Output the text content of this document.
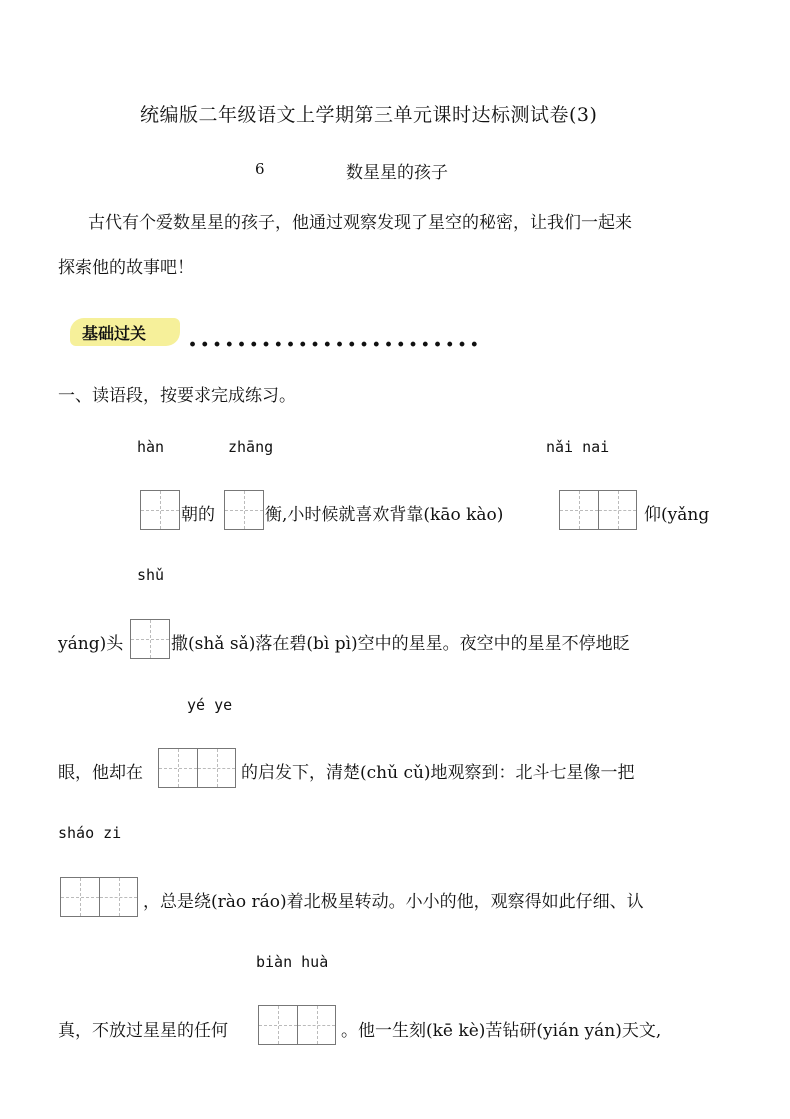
统编版二年级语文上学期第三单元课时达标测试卷(3)
6	数星星的孩子
古代有个爱数星星的孩子，他通过观察发现了星空的秘密，让我们一起来
探索他的故事吧！
基础过关 ........................
一、读语段，按要求完成练习。
hàn	zhāng	nǎi nai
朝的	衡,小时候就喜欢背靠(kāo kào)	仰(yǎng
shǔ
yáng)头	撒(shǎ sǎ)落在碧(bì pì)空中的星星。夜空中的星星不停地眨
yé ye
眼，他却在	的启发下，清楚(chǔ cǔ)地观察到：北斗七星像一把
sháo zi
，总是绕(rào ráo)着北极星转动。小小的他，观察得如此仔细、认
biàn huà
真，不放过星星的任何	。他一生刻(kē kè)苦钻研(yián yán)天文,
